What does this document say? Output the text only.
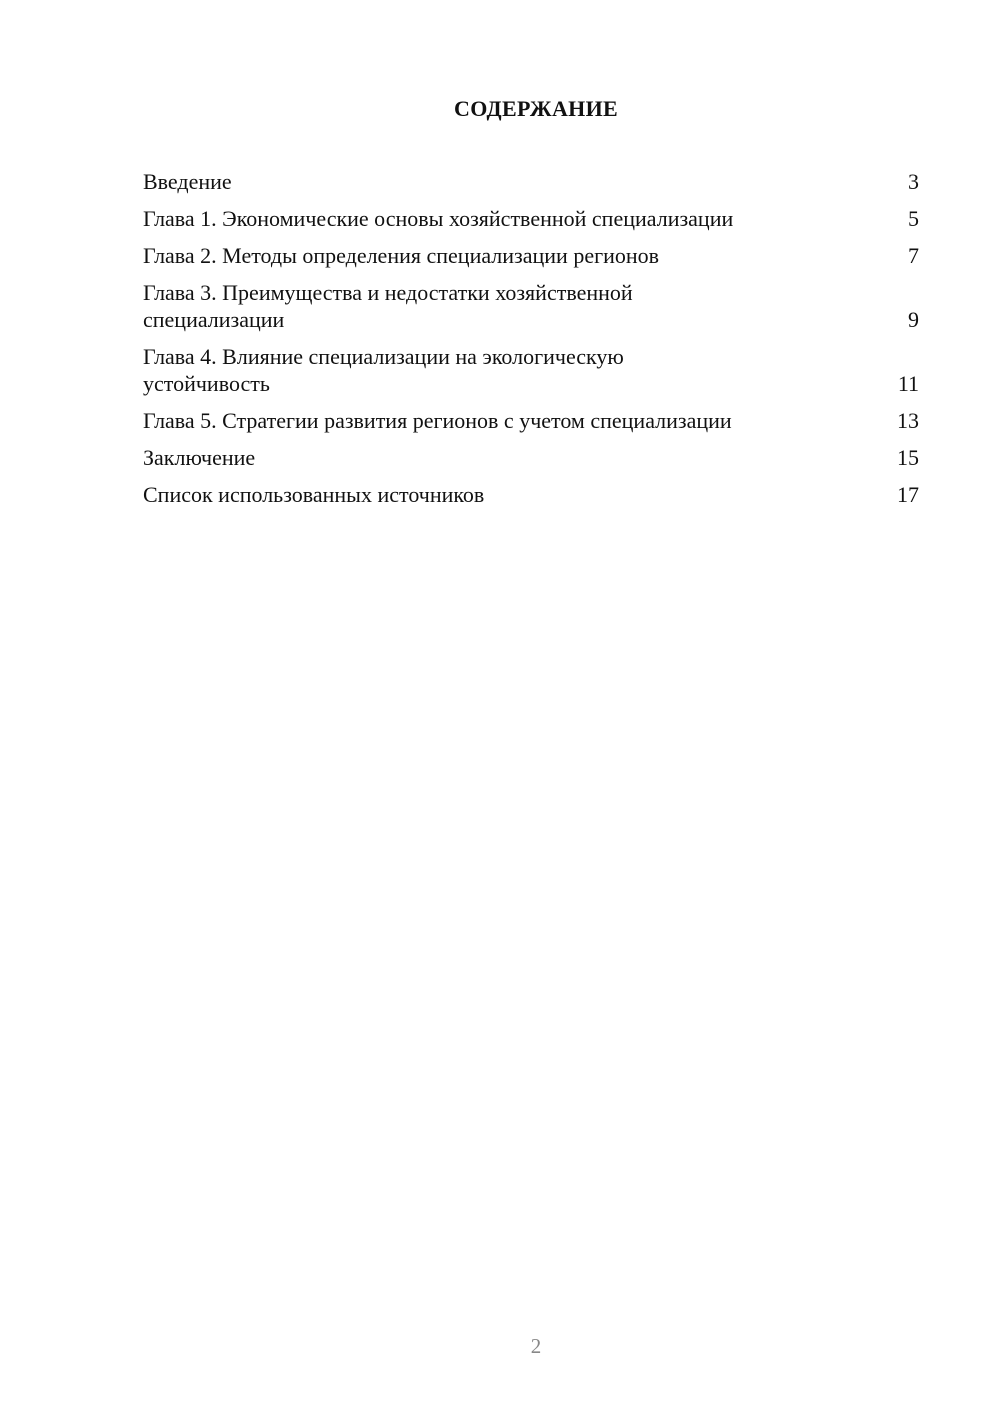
СОДЕРЖАНИЕ
Введение	3
Глава 1. Экономические основы хозяйственной специализации	5
Глава 2. Методы определения специализации регионов	7
Глава 3. Преимущества и недостатки хозяйственной
специализации	9
Глава 4. Влияние специализации на экологическую
устойчивость	11
Глава 5. Стратегии развития регионов с учетом специализации	13
Заключение	15
Список использованных источников	17
2
